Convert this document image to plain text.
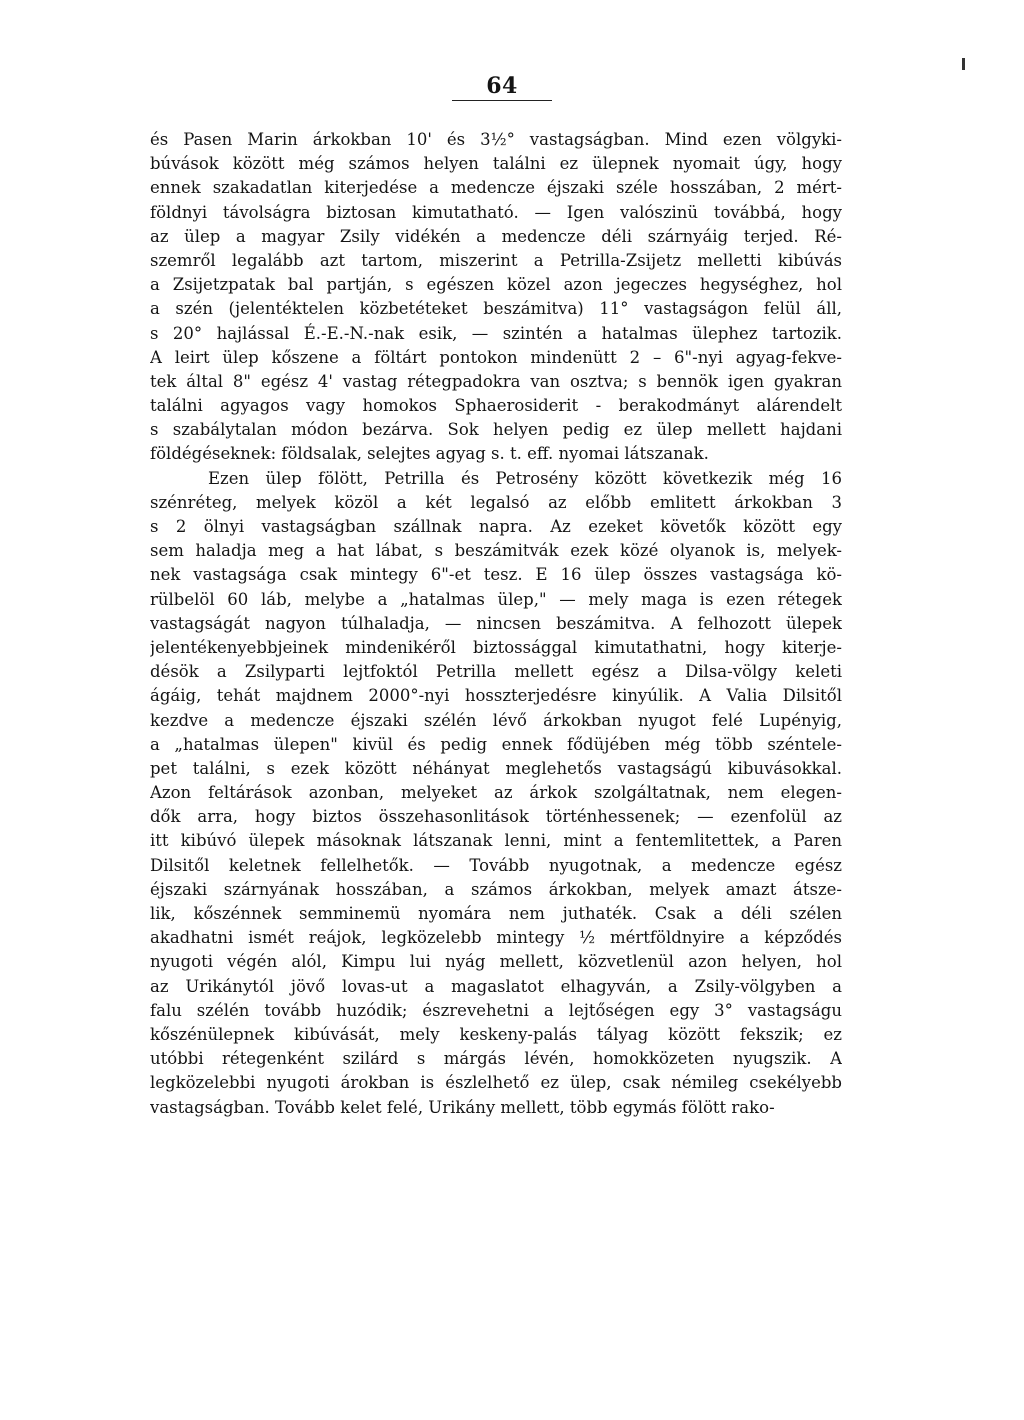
64
és Pasen Marin árkokban 10' és 3½° vastagságban. Mind ezen völgyki-
búvások között még számos helyen találni ez ülepnek nyomait úgy, hogy
ennek szakadatlan kiterjedése a medencze éjszaki széle hosszában, 2 mért-
földnyi távolságra biztosan kimutatható. — Igen valószinü továbbá, hogy
az ülep a magyar Zsily vidékén a medencze déli szárnyáig terjed. Ré-
szemről legalább azt tartom, miszerint a Petrilla-Zsijetz melletti kibúvás
a Zsijetzpatak bal partján, s egészen közel azon jegeczes hegységhez, hol
a szén (jelentéktelen közbetéteket beszámitva) 11° vastagságon felül áll,
s 20° hajlással É.-E.-N.-nak esik, — szintén a hatalmas ülephez tartozik.
A leirt ülep kőszene a föltárt pontokon mindenütt 2 – 6"-nyi agyag-fekve-
tek által 8" egész 4' vastag rétegpadokra van osztva; s bennök igen gyakran
találni agyagos vagy homokos Sphaerosiderit - berakodmányt alárendelt
s szabálytalan módon bezárva. Sok helyen pedig ez ülep mellett hajdani
földégéseknek: földsalak, selejtes agyag s. t. eff. nyomai látszanak.
Ezen ülep fölött, Petrilla és Petrosény között következik még 16
szénréteg, melyek közöl a két legalsó az előbb emlitett árkokban 3
s 2 ölnyi vastagságban szállnak napra. Az ezeket követők között egy
sem haladja meg a hat lábat, s beszámitvák ezek közé olyanok is, melyek-
nek vastagsága csak mintegy 6"-et tesz. E 16 ülep összes vastagsága kö-
rülbelöl 60 láb, melybe a „hatalmas ülep," — mely maga is ezen rétegek
vastagságát nagyon túlhaladja, — nincsen beszámitva. A felhozott ülepek
jelentékenyebbjeinek mindenikéről biztossággal kimutathatni, hogy kiterje-
désök a Zsilyparti lejtfoktól Petrilla mellett egész a Dilsa-völgy keleti
ágáig, tehát majdnem 2000°-nyi hosszterjedésre kinyúlik. A Valia Dilsitől
kezdve a medencze éjszaki szélén lévő árkokban nyugot felé Lupényig,
a „hatalmas ülepen" kivül és pedig ennek fődüjében még több széntele-
pet találni, s ezek között néhányat meglehetős vastagságú kibuvásokkal.
Azon feltárások azonban, melyeket az árkok szolgáltatnak, nem elegen-
dők arra, hogy biztos összehasonlitások történhessenek; — ezenfolül az
itt kibúvó ülepek másoknak látszanak lenni, mint a fentemlitettek, a Paren
Dilsitől keletnek fellelhetők. — Tovább nyugotnak, a medencze egész
éjszaki szárnyának hosszában, a számos árkokban, melyek amazt átsze-
lik, kőszénnek semminemü nyomára nem juthaték. Csak a déli szélen
akadhatni ismét reájok, legközelebb mintegy ½ mértföldnyire a képződés
nyugoti végén alól, Kimpu lui nyág mellett, közvetlenül azon helyen, hol
az Urikánytól jövő lovas-ut a magaslatot elhagyván, a Zsily-völgyben a
falu szélén tovább huzódik; észrevehetni a lejtőségen egy 3° vastagságu
kőszénülepnek kibúvását, mely keskeny-palás tályag között fekszik; ez
utóbbi rétegenként szilárd s márgás lévén, homokközeten nyugszik. A
legközelebbi nyugoti árokban is észlelhető ez ülep, csak némileg csekélyebb
vastagságban. Tovább kelet felé, Urikány mellett, több egymás fölött rako-
